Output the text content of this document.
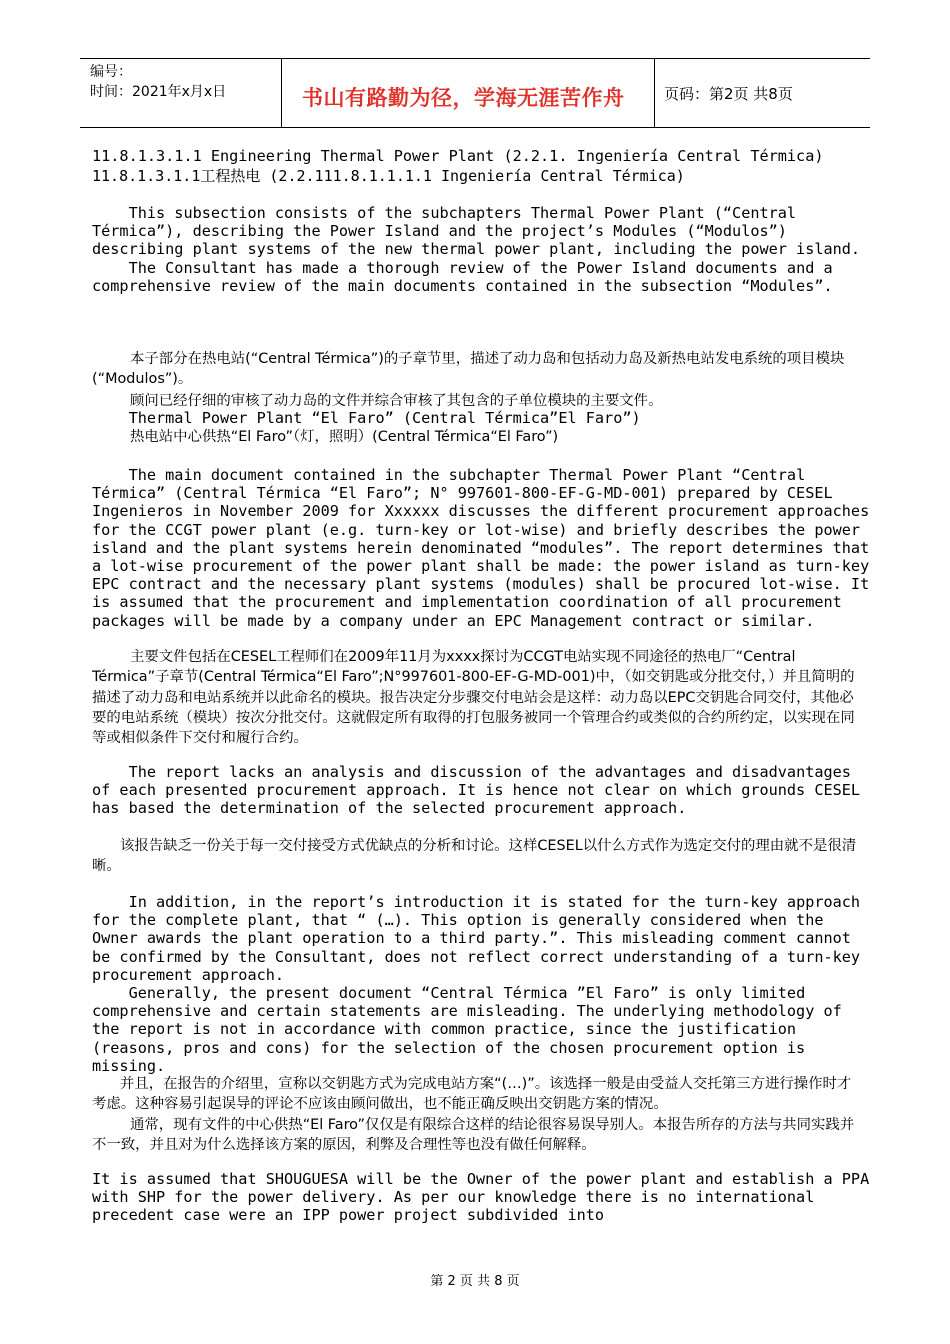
编号：
时间：2021年x月x日	书山有路勤为径，学海无涯苦作舟	页码：第2页 共8页

11.8.1.3.1.1 Engineering Thermal Power Plant (2.2.1. Ingeniería Central Térmica)

11.8.1.3.1.1工程热电 (2.2.111.8.1.1.1.1 Ingeniería Central Térmica)

This subsection consists of the subchapters Thermal Power Plant (“Central Térmica”), describing the Power Island and the project’s Modules (“Modulos”) describing plant systems of the new thermal power plant, including the power island.
The Consultant has made a thorough review of the Power Island documents and a comprehensive review of the main documents contained in the subsection “Modules”.

本子部分在热电站(“Central Térmica”)的子章节里，描述了动力岛和包括动力岛及新热电站发电系统的项目模块(“Modulos”)。

顾问已经仔细的审核了动力岛的文件并综合审核了其包含的子单位模块的主要文件。

Thermal Power Plant “El Faro” (Central Térmica”El Faro”)

热电站中心供热“El Faro”（灯，照明）(Central Térmica“El Faro”)

The main document contained in the subchapter Thermal Power Plant “Central Térmica” (Central Térmica “El Faro”; N° 997601-800-EF-G-MD-001) prepared by CESEL Ingenieros in November 2009 for Xxxxxx discusses the different procurement approaches for the CCGT power plant (e.g. turn-key or lot-wise) and briefly describes the power island and the plant systems herein denominated “modules”. The report determines that a lot-wise procurement of the power plant shall be made: the power island as turn-key EPC contract and the necessary plant systems (modules) shall be procured lot-wise. It is assumed that the procurement and implementation coordination of all procurement packages will be made by a company under an EPC Management contract or similar.

主要文件包括在CESEL工程师们在2009年11月为xxxx探讨为CCGT电站实现不同途径的热电厂“Central Térmica”子章节(Central Térmica“El Faro”;N°997601-800-EF-G-MD-001)中，（如交钥匙或分批交付，）并且简明的描述了动力岛和电站系统并以此命名的模块。报告决定分步骤交付电站会是这样：动力岛以EPC交钥匙合同交付，其他必要的电站系统（模块）按次分批交付。这就假定所有取得的打包服务被同一个管理合约或类似的合约所约定，以实现在同等或相似条件下交付和履行合约。

The report lacks an analysis and discussion of the advantages and disadvantages of each presented procurement approach. It is hence not clear on which grounds CESEL has based the determination of the selected procurement approach.

该报告缺乏一份关于每一交付接受方式优缺点的分析和讨论。这样CESEL以什么方式作为选定交付的理由就不是很清晰。

In addition, in the report’s introduction it is stated for the turn-key approach for the complete plant, that “ (…). This option is generally considered when the Owner awards the plant operation to a third party.”. This misleading comment cannot be confirmed by the Consultant, does not reflect correct understanding of a turn-key procurement approach.
Generally, the present document “Central Térmica ”El Faro” is only limited comprehensive and certain statements are misleading. The underlying methodology of the report is not in accordance with common practice, since the justification (reasons, pros and cons) for the selection of the chosen procurement option is missing.

并且，在报告的介绍里，宣称以交钥匙方式为完成电站方案“(…)”。该选择一般是由受益人交托第三方进行操作时才考虑。这种容易引起误导的评论不应该由顾问做出，也不能正确反映出交钥匙方案的情况。

通常，现有文件的中心供热“El Faro”仅仅是有限综合这样的结论很容易误导别人。本报告所存的方法与共同实践并不一致，并且对为什么选择该方案的原因，利弊及合理性等也没有做任何解释。

It is assumed that SHOUGUESA will be the Owner of the power plant and establish a PPA with SHP for the power delivery. As per our knowledge there is no international precedent case were an IPP power project subdivided into

第 2 页 共 8 页
